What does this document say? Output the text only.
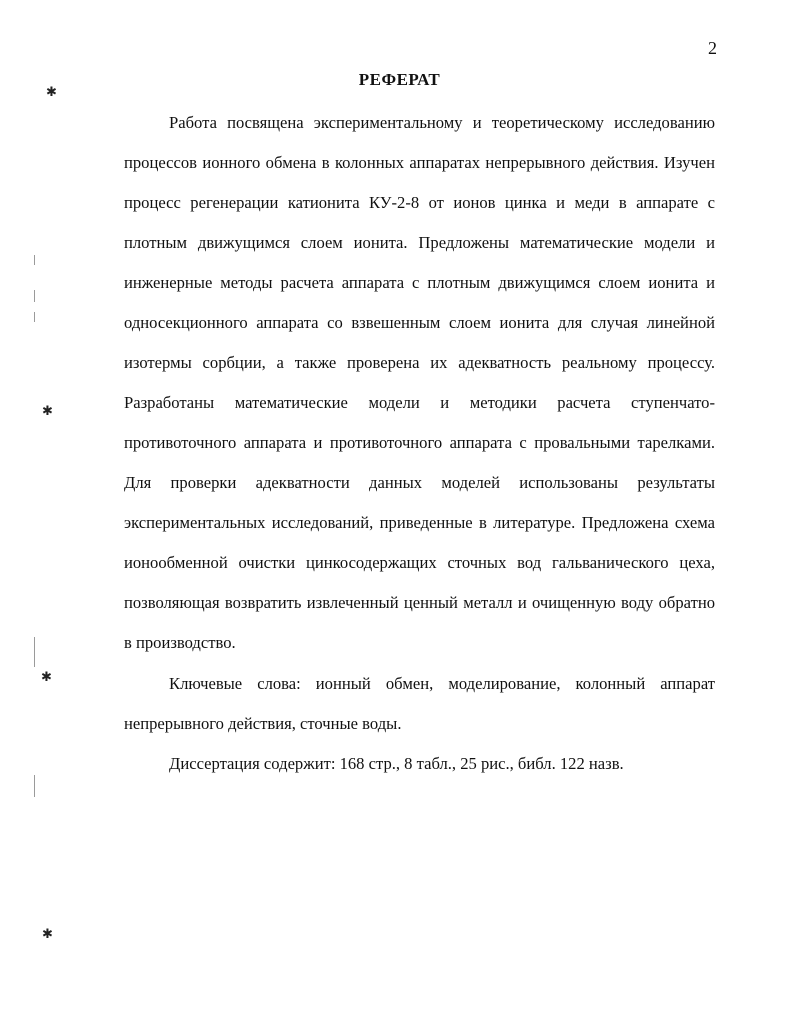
2
РЕФЕРАТ

Работа посвящена экспериментальному и теоретическому исследованию процессов ионного обмена в колонных аппаратах непрерывного действия. Изучен процесс регенерации катионита КУ-2-8 от ионов цинка и меди в аппарате с плотным движущимся слоем ионита. Предложены математические модели и инженерные методы расчета аппарата с плотным движущимся слоем ионита и односекционного аппарата со взвешенным слоем ионита для случая линейной изотермы сорбции, а также проверена их адекватность реальному процессу. Разработаны математические модели и методики расчета ступенчато-противоточного аппарата и противоточного аппарата с провальными тарелками. Для проверки адекватности данных моделей использованы результаты экспериментальных исследований, приведенные в литературе. Предложена схема ионообменной очистки цинкосодержащих сточных вод гальванического цеха, позволяющая возвратить извлеченный ценный металл и очищенную воду обратно в производство.

Ключевые слова: ионный обмен, моделирование, колонный аппарат непрерывного действия, сточные воды.

Диссертация содержит: 168 стр., 8 табл., 25 рис., библ. 122 назв.

✱
✱
✱
✱
